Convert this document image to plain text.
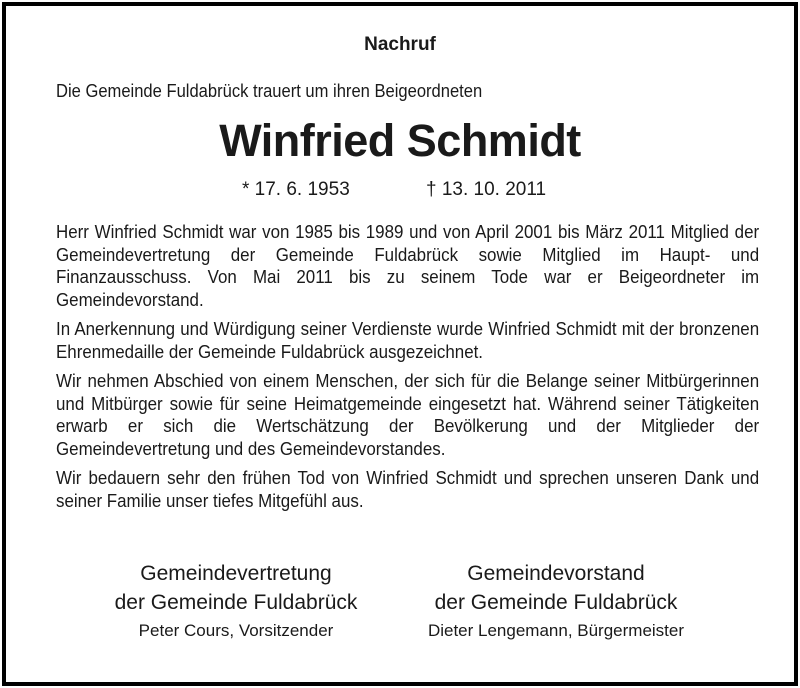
Nachruf
Die Gemeinde Fuldabrück trauert um ihren Beigeordneten
Winfried Schmidt
* 17. 6. 1953	† 13. 10. 2011

Herr Winfried Schmidt war von 1985 bis 1989 und von April 2001 bis März 2011 Mitglied der Gemeindevertretung der Gemeinde Fuldabrück sowie Mitglied im Haupt- und Finanzausschuss. Von Mai 2011 bis zu seinem Tode war er Beigeordneter im Gemeindevorstand.

In Anerkennung und Würdigung seiner Verdienste wurde Winfried Schmidt mit der bronzenen Ehrenmedaille der Gemeinde Fuldabrück ausgezeichnet.

Wir nehmen Abschied von einem Menschen, der sich für die Belange seiner Mitbürgerinnen und Mitbürger sowie für seine Heimatgemeinde eingesetzt hat. Während seiner Tätigkeiten erwarb er sich die Wertschätzung der Bevölkerung und der Mitglieder der Gemeindevertretung und des Gemeindevorstandes.

Wir bedauern sehr den frühen Tod von Winfried Schmidt und sprechen unseren Dank und seiner Familie unser tiefes Mitgefühl aus.

Gemeindevertretung
der Gemeinde Fuldabrück
Peter Cours, Vorsitzender
Gemeindevorstand
der Gemeinde Fuldabrück
Dieter Lengemann, Bürgermeister
